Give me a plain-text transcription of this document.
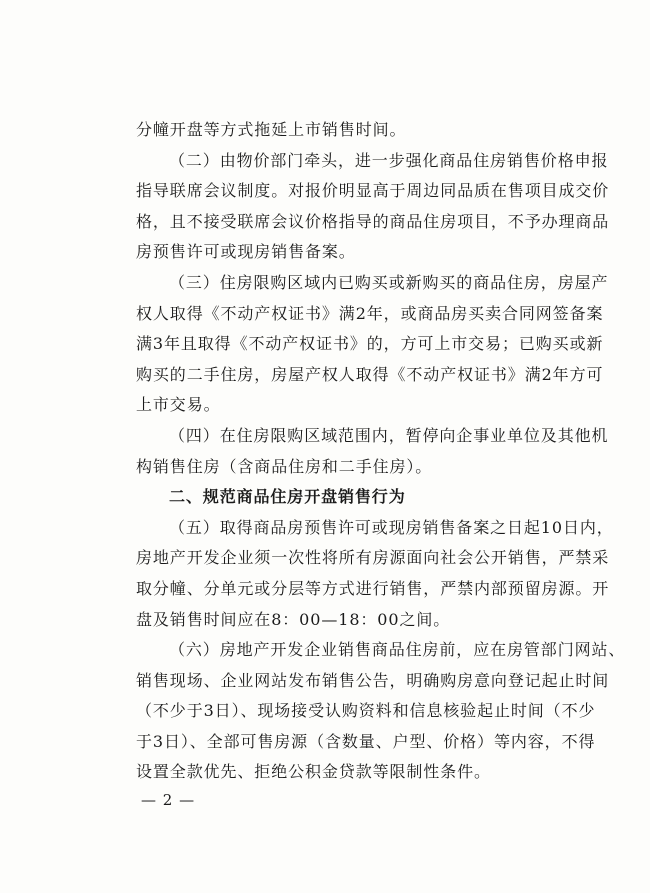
分幢开盘等方式拖延上市销售时间。

（二）由物价部门牵头，进一步强化商品住房销售价格申报
指导联席会议制度。对报价明显高于周边同品质在售项目成交价
格，且不接受联席会议价格指导的商品住房项目，不予办理商品
房预售许可或现房销售备案。

（三）住房限购区域内已购买或新购买的商品住房，房屋产
权人取得《不动产权证书》满2年，或商品房买卖合同网签备案
满3年且取得《不动产权证书》的，方可上市交易；已购买或新
购买的二手住房，房屋产权人取得《不动产权证书》满2年方可
上市交易。

（四）在住房限购区域范围内，暂停向企事业单位及其他机
构销售住房（含商品住房和二手住房）。

二、规范商品住房开盘销售行为

（五）取得商品房预售许可或现房销售备案之日起10日内，
房地产开发企业须一次性将所有房源面向社会公开销售，严禁采
取分幢、分单元或分层等方式进行销售，严禁内部预留房源。开
盘及销售时间应在8：00—18：00之间。

（六）房地产开发企业销售商品住房前，应在房管部门网站、
销售现场、企业网站发布销售公告，明确购房意向登记起止时间
（不少于3日）、现场接受认购资料和信息核验起止时间（不少
于3日）、全部可售房源（含数量、户型、价格）等内容，不得
设置全款优先、拒绝公积金贷款等限制性条件。

— 2 —
